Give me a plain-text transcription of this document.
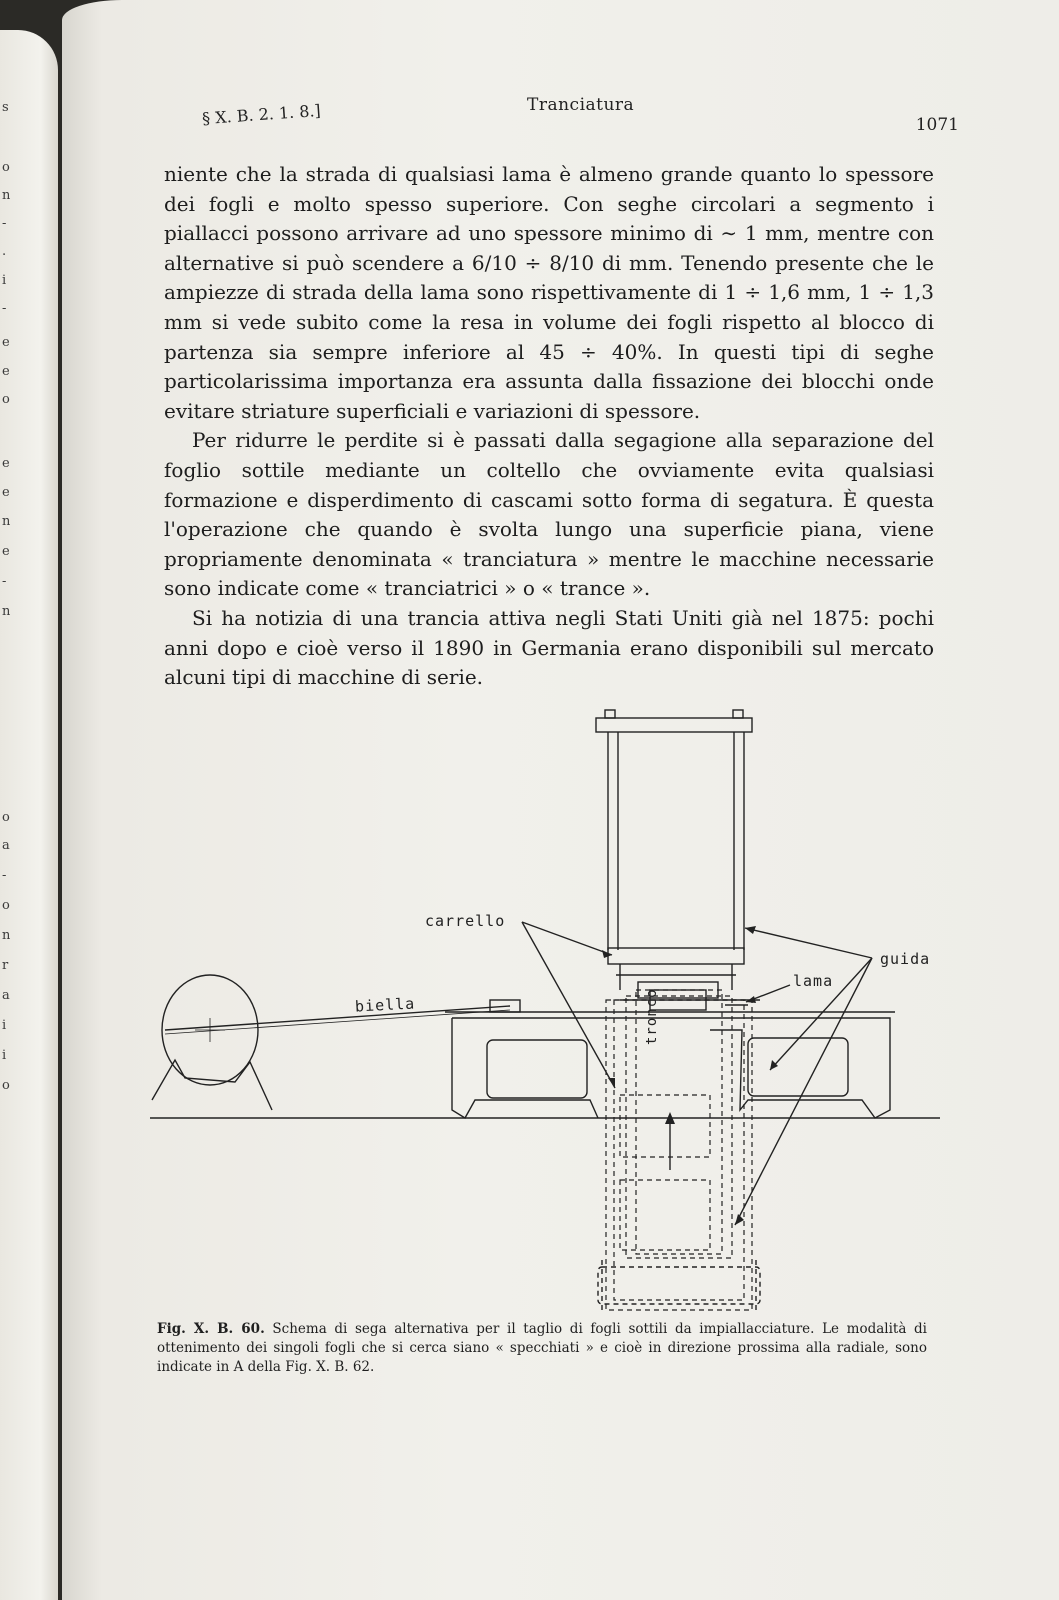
s
o
n
-
.
i
-
e
e
o
e
e
n
e
-
n
o
a
-
o
n
r
a
i
i
o
§ X. B. 2. 1. 8.]	Tranciatura
1071

niente che la strada di qualsiasi lama è almeno grande quanto lo spessore dei fogli e molto spesso superiore. Con seghe circolari a segmento i piallacci possono arrivare ad uno spessore minimo di ∼ 1 mm, mentre con alternative si può scendere a 6/10 ÷ 8/10 di mm. Tenendo presente che le ampiezze di strada della lama sono rispettivamente di 1 ÷ 1,6 mm, 1 ÷ 1,3 mm si vede subito come la resa in volume dei fogli rispetto al blocco di partenza sia sempre inferiore al 45 ÷ 40%. In questi tipi di seghe particolarissima importanza era assunta dalla fissazione dei blocchi onde evitare striature superficiali e variazioni di spessore.

Per ridurre le perdite si è passati dalla segagione alla separazione del foglio sottile mediante un coltello che ovviamente evita qualsiasi formazione e disperdimento di cascami sotto forma di segatura. È questa l'operazione che quando è svolta lungo una superficie piana, viene propriamente denominata « tranciatura » mentre le macchine necessarie sono indicate come « tranciatrici » o « trance ».

Si ha notizia di una trancia attiva negli Stati Uniti già nel 1875: pochi anni dopo e cioè verso il 1890 in Germania erano disponibili sul mercato alcuni tipi di macchine di serie.

carrello
guida
lama
biella	tronco
Fig. X. B. 60. Schema di sega alternativa per il taglio di fogli sottili da impiallacciature. Le modalità di ottenimento dei singoli fogli che si cerca siano « specchiati » e cioè in direzione prossima alla radiale, sono indicate in A della Fig. X. B. 62.
